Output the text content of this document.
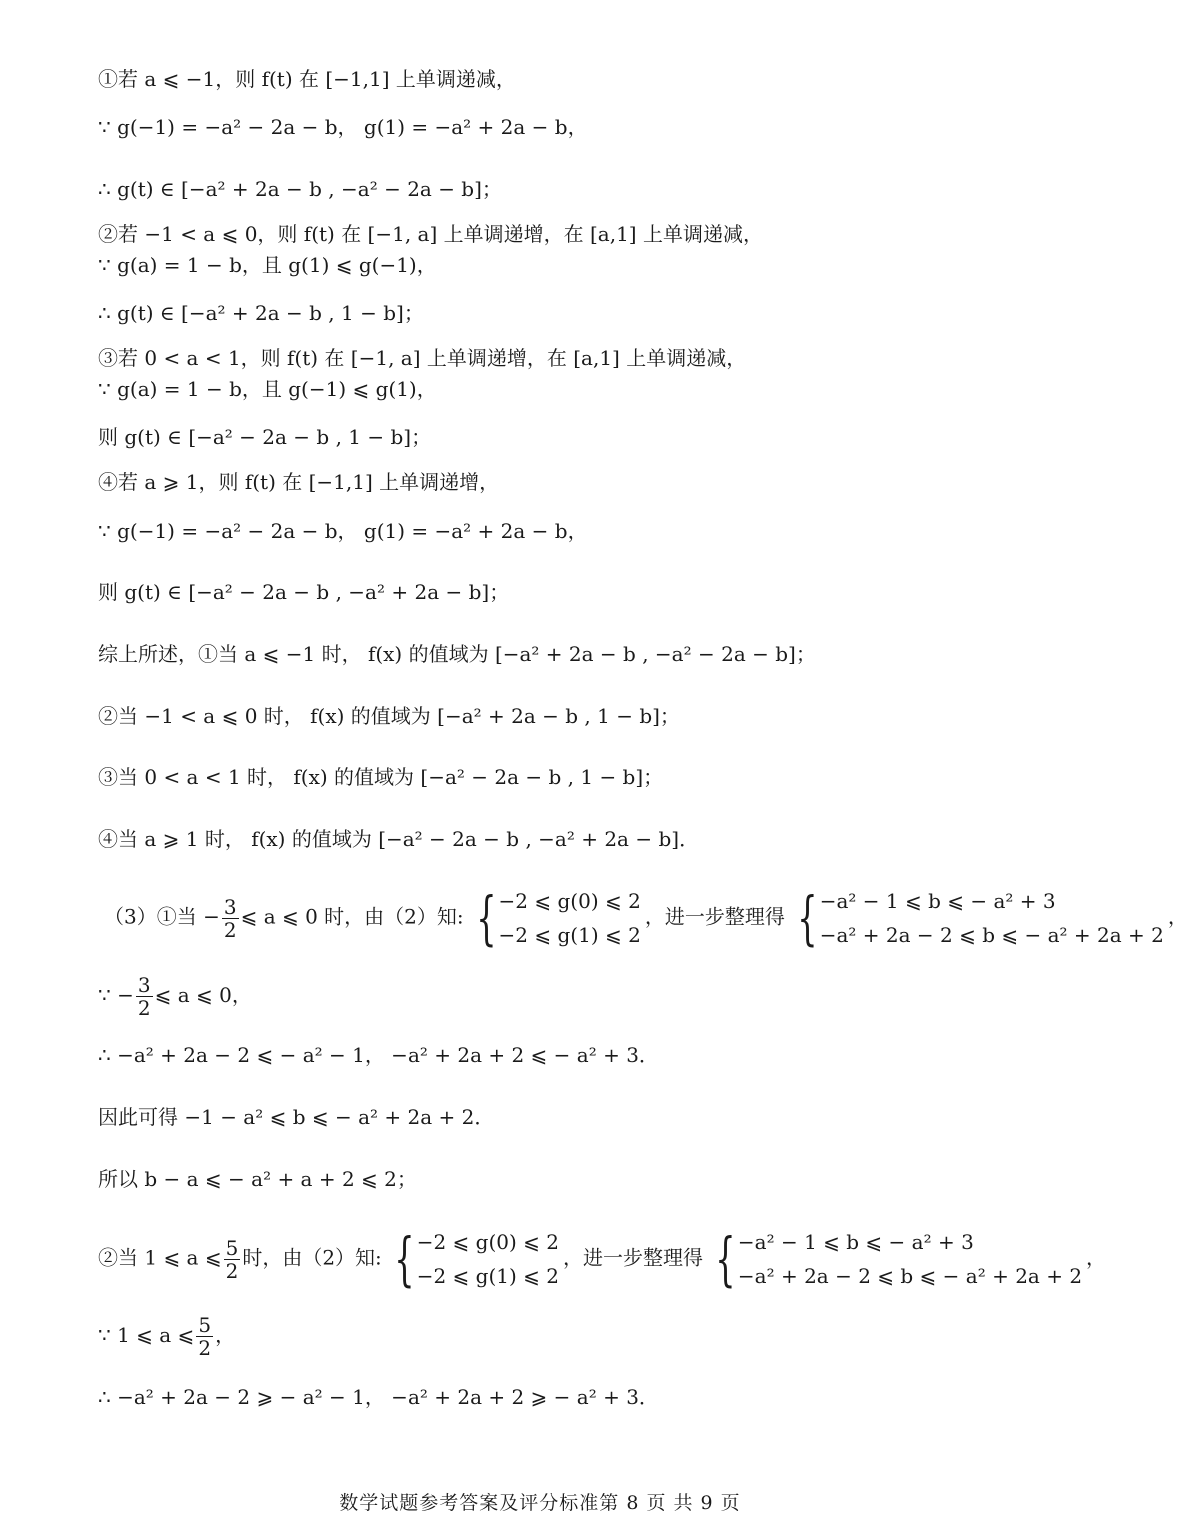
①若 a ⩽ −1，则 f(t) 在 [−1,1] 上单调递减，
∵ g(−1) = −a² − 2a − b， g(1) = −a² + 2a − b，
∴ g(t) ∈ [−a² + 2a − b , −a² − 2a − b]；
②若 −1 < a ⩽ 0，则 f(t) 在 [−1, a] 上单调递增，在 [a,1] 上单调递减，
∵ g(a) = 1 − b，且 g(1) ⩽ g(−1)，
∴ g(t) ∈ [−a² + 2a − b , 1 − b]；
③若 0 < a < 1，则 f(t) 在 [−1, a] 上单调递增，在 [a,1] 上单调递减，
∵ g(a) = 1 − b，且 g(−1) ⩽ g(1)，
则 g(t) ∈ [−a² − 2a − b , 1 − b]；
④若 a ⩾ 1，则 f(t) 在 [−1,1] 上单调递增，
∵ g(−1) = −a² − 2a − b， g(1) = −a² + 2a − b，
则 g(t) ∈ [−a² − 2a − b , −a² + 2a − b]；
综上所述，①当 a ⩽ −1 时， f(x) 的值域为 [−a² + 2a − b , −a² − 2a − b]；
②当 −1 < a ⩽ 0 时， f(x) 的值域为 [−a² + 2a − b , 1 − b]；
③当 0 < a < 1 时， f(x) 的值域为 [−a² − 2a − b , 1 − b]；
④当 a ⩾ 1 时， f(x) 的值域为 [−a² − 2a − b , −a² + 2a − b]．
（3）①当 − $\frac{3}{2}$ ⩽ a ⩽ 0 时，由（2）知: { −2 ⩽ g(0) ⩽ 2
−2 ⩽ g(1) ⩽ 2
，进一步整理得 { −a² − 1 ⩽ b ⩽ − a² + 3
−a² + 2a − 2 ⩽ b ⩽ − a² + 2a + 2
，
∵ − $\frac{3}{2}$ ⩽ a ⩽ 0，
∴ −a² + 2a − 2 ⩽ − a² − 1， −a² + 2a + 2 ⩽ − a² + 3．
因此可得 −1 − a² ⩽ b ⩽ − a² + 2a + 2．
所以 b − a ⩽ − a² + a + 2 ⩽ 2；
②当 1 ⩽ a ⩽ $\frac{5}{2}$ 时，由（2）知: { −2 ⩽ g(0) ⩽ 2
−2 ⩽ g(1) ⩽ 2
，进一步整理得 { −a² − 1 ⩽ b ⩽ − a² + 3
−a² + 2a − 2 ⩽ b ⩽ − a² + 2a + 2
，
∵ 1 ⩽ a ⩽ $\frac{5}{2}$ ，
∴ −a² + 2a − 2 ⩾ − a² − 1， −a² + 2a + 2 ⩾ − a² + 3．
数学试题参考答案及评分标准第 8 页 共 9 页
